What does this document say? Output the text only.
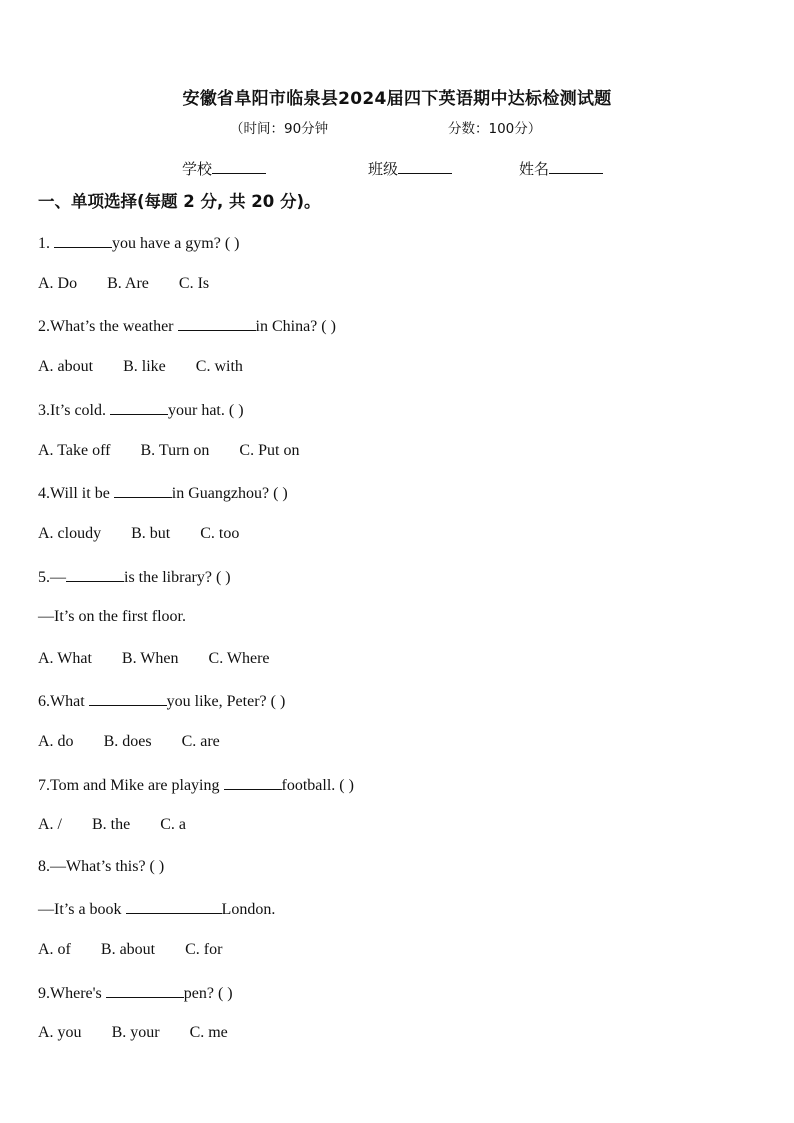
安徽省阜阳市临泉县2024届四下英语期中达标检测试题
（时间：90分钟	分数：100分）
学校	班级	姓名
一、单项选择(每题 2 分, 共 20 分)。
1.	you have a gym? ( )
A. Do B. Are C. Is
2.What’s the weather	in China? ( )
A. about B. like C. with
3.It’s cold.	your hat. ( )
A. Take off B. Turn on C. Put on
4.Will it be	in Guangzhou? ( )
A. cloudy B. but C. too
5.—	is the library? ( )
—It’s on the first floor.
A. What B. When C. Where
6.What	you like, Peter? ( )
A. do B. does C. are
7.Tom and Mike are playing	football. ( )
A. / B. the C. a
8.—What’s this? ( )
—It’s a book	London.
A. of B. about C. for
9.Where's	pen? ( )
A. you B. your C. me
